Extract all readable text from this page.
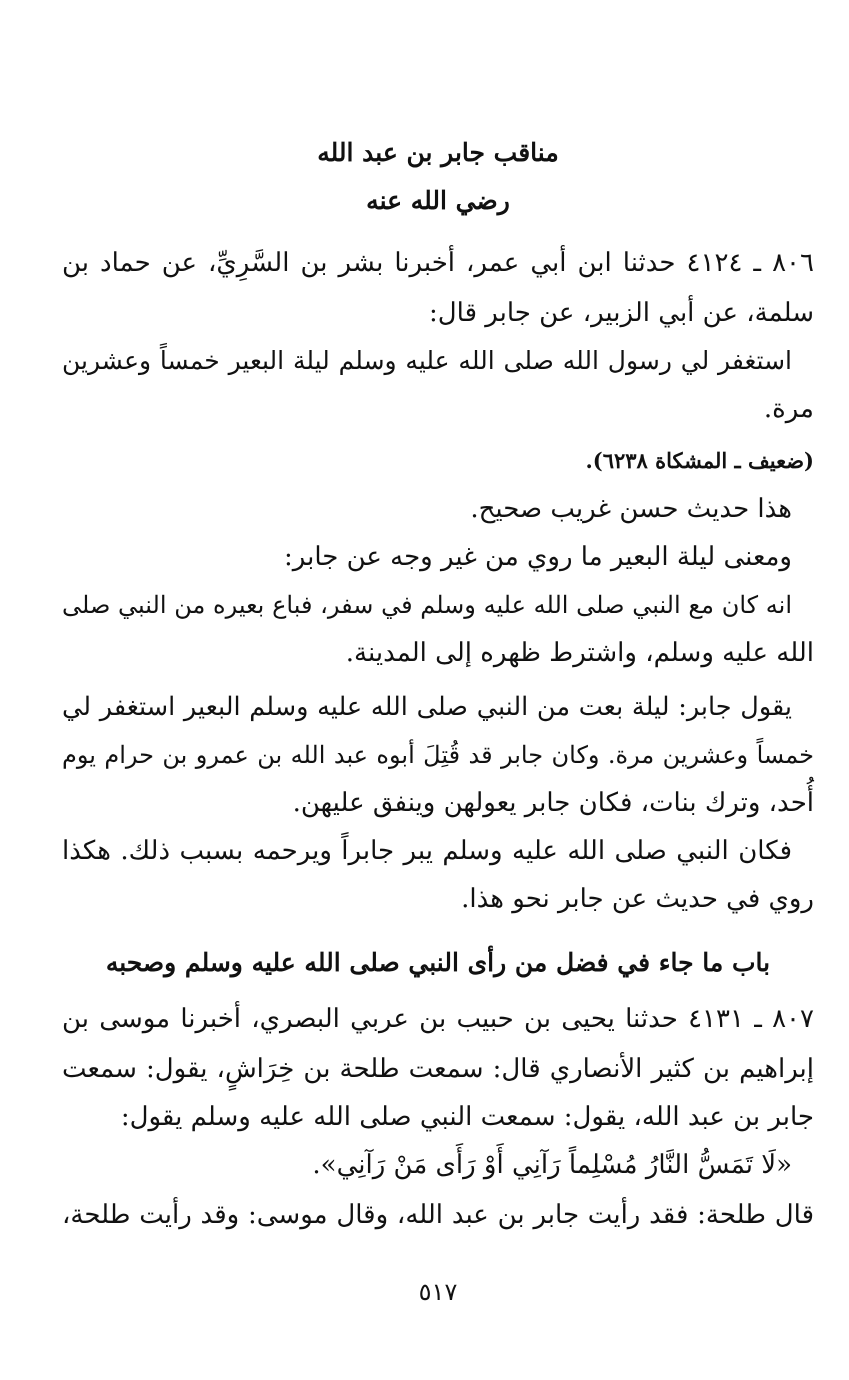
مناقب جابر بن عبد الله
رضي الله عنه
٨٠٦ ـ ٤١٢٤ حدثنا ابن أبي عمر، أخبرنا بشر بن السَّرِيِّ، عن حماد بن
سلمة، عن أبي الزبير، عن جابر قال:
استغفر لي رسول الله صلى الله عليه وسلم ليلة البعير خمساً وعشرين
مرة.
(ضعيف ـ المشكاة ٦٢٣٨).
هذا حديث حسن غريب صحيح.
ومعنى ليلة البعير ما روي من غير وجه عن جابر:
انه كان مع النبي صلى الله عليه وسلم في سفر، فباع بعيره من النبي صلى
الله عليه وسلم، واشترط ظهره إلى المدينة.
يقول جابر: ليلة بعت من النبي صلى الله عليه وسلم البعير استغفر لي
خمساً وعشرين مرة. وكان جابر قد قُتِلَ أبوه عبد الله بن عمرو بن حرام يوم
أُحد، وترك بنات، فكان جابر يعولهن وينفق عليهن.
فكان النبي صلى الله عليه وسلم يبر جابراً ويرحمه بسبب ذلك. هكذا
روي في حديث عن جابر نحو هذا.
باب ما جاء في فضل من رأى النبي صلى الله عليه وسلم وصحبه
٨٠٧ ـ ٤١٣١ حدثنا يحيى بن حبيب بن عربي البصري، أخبرنا موسى بن
إبراهيم بن كثير الأنصاري قال: سمعت طلحة بن خِرَاشٍ، يقول: سمعت
جابر بن عبد الله، يقول: سمعت النبي صلى الله عليه وسلم يقول:
«لَا تَمَسُّ النَّارُ مُسْلِماً رَآنِي أَوْ رَأَى مَنْ رَآنِي».
قال طلحة: فقد رأيت جابر بن عبد الله، وقال موسى: وقد رأيت طلحة،
٥١٧
